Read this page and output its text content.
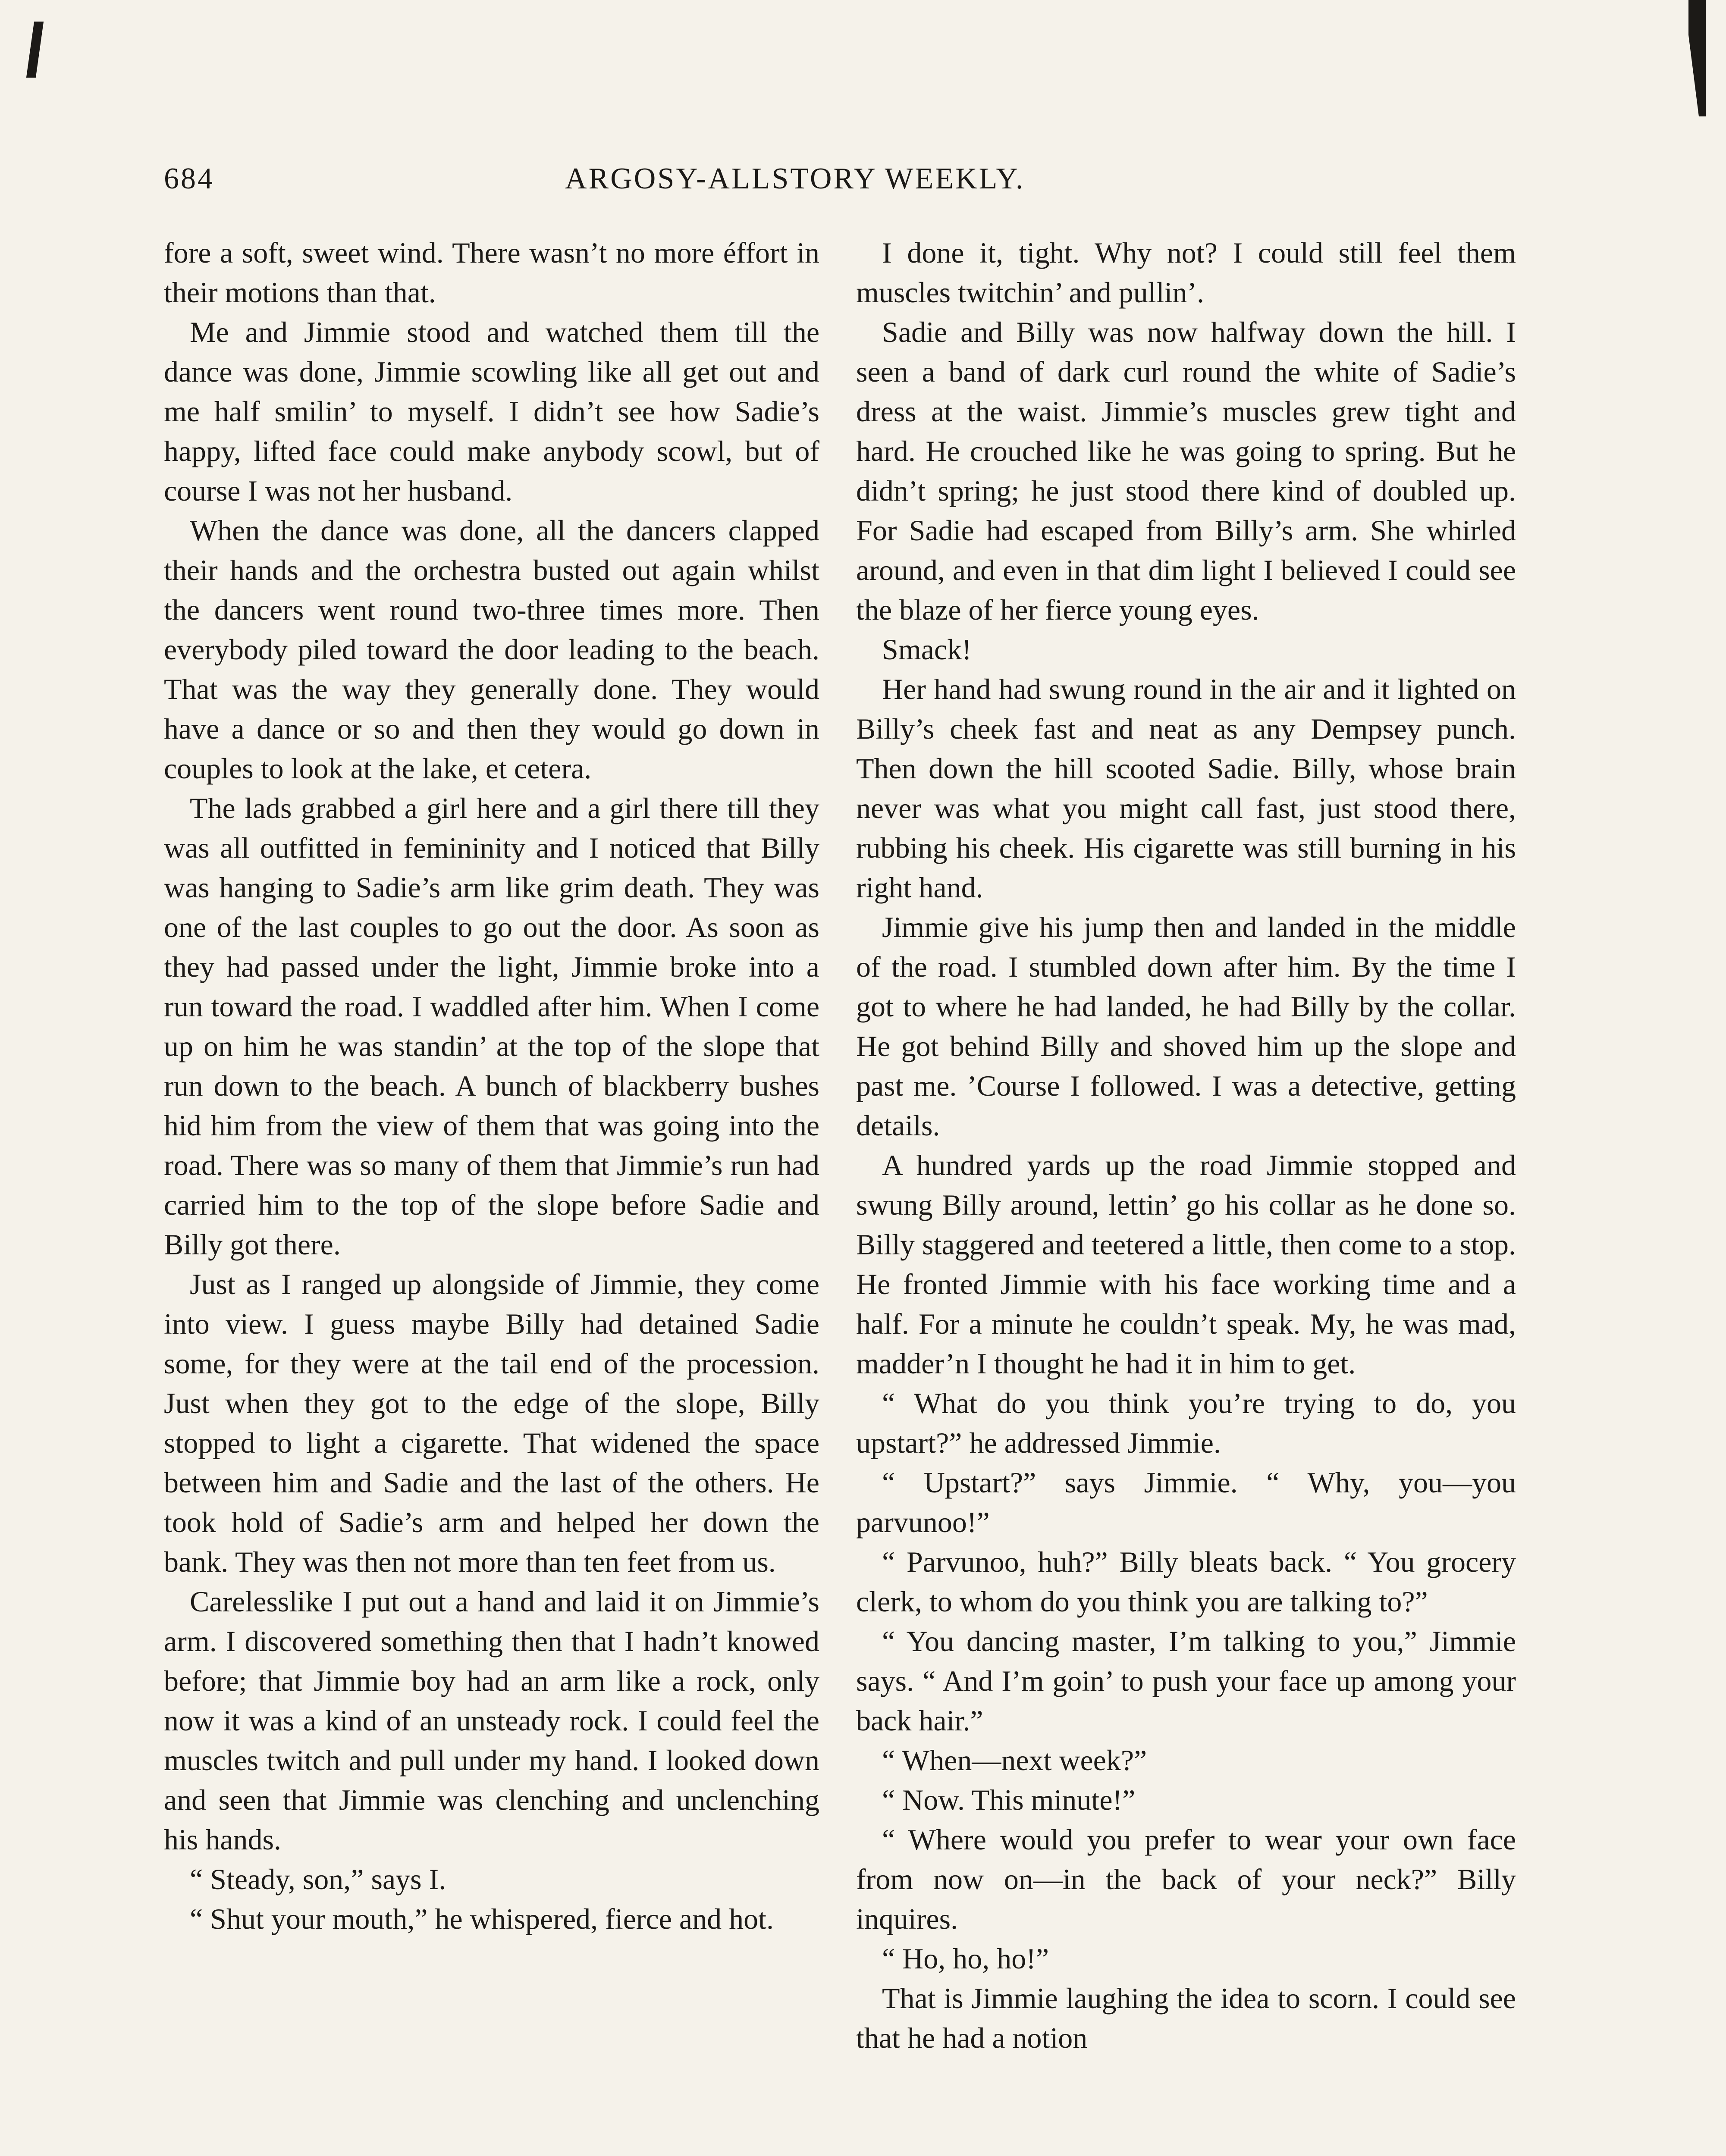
684	ARGOSY-ALLSTORY WEEKLY.

fore a soft, sweet wind. There wasn’t no more éffort in their motions than that.

Me and Jimmie stood and watched them till the dance was done, Jimmie scowling like all get out and me half smilin’ to myself. I didn’t see how Sadie’s happy, lifted face could make anybody scowl, but of course I was not her husband.

When the dance was done, all the dancers clapped their hands and the orchestra busted out again whilst the dancers went round two-three times more. Then everybody piled toward the door leading to the beach. That was the way they generally done. They would have a dance or so and then they would go down in couples to look at the lake, et cetera.

The lads grabbed a girl here and a girl there till they was all outfitted in femininity and I noticed that Billy was hanging to Sadie’s arm like grim death. They was one of the last couples to go out the door. As soon as they had passed under the light, Jimmie broke into a run toward the road. I waddled after him. When I come up on him he was standin’ at the top of the slope that run down to the beach. A bunch of blackberry bushes hid him from the view of them that was going into the road. There was so many of them that Jimmie’s run had carried him to the top of the slope before Sadie and Billy got there.

Just as I ranged up alongside of Jimmie, they come into view. I guess maybe Billy had detained Sadie some, for they were at the tail end of the procession. Just when they got to the edge of the slope, Billy stopped to light a cigarette. That widened the space between him and Sadie and the last of the others. He took hold of Sadie’s arm and helped her down the bank. They was then not more than ten feet from us.

Carelesslike I put out a hand and laid it on Jimmie’s arm. I discovered something then that I hadn’t knowed before; that Jimmie boy had an arm like a rock, only now it was a kind of an unsteady rock. I could feel the muscles twitch and pull under my hand. I looked down and seen that Jimmie was clenching and unclenching his hands.

“ Steady, son,” says I.

“ Shut your mouth,” he whispered, fierce and hot.

I done it, tight. Why not? I could still feel them muscles twitchin’ and pullin’.

Sadie and Billy was now halfway down the hill. I seen a band of dark curl round the white of Sadie’s dress at the waist. Jimmie’s muscles grew tight and hard. He crouched like he was going to spring. But he didn’t spring; he just stood there kind of doubled up. For Sadie had escaped from Billy’s arm. She whirled around, and even in that dim light I believed I could see the blaze of her fierce young eyes.

Smack!

Her hand had swung round in the air and it lighted on Billy’s cheek fast and neat as any Dempsey punch. Then down the hill scooted Sadie. Billy, whose brain never was what you might call fast, just stood there, rubbing his cheek. His cigarette was still burning in his right hand.

Jimmie give his jump then and landed in the middle of the road. I stumbled down after him. By the time I got to where he had landed, he had Billy by the collar. He got behind Billy and shoved him up the slope and past me. ’Course I followed. I was a detective, getting details.

A hundred yards up the road Jimmie stopped and swung Billy around, lettin’ go his collar as he done so. Billy staggered and teetered a little, then come to a stop. He fronted Jimmie with his face working time and a half. For a minute he couldn’t speak. My, he was mad, madder’n I thought he had it in him to get.

“ What do you think you’re trying to do, you upstart?” he addressed Jimmie.

“ Upstart?” says Jimmie. “ Why, you—you parvunoo!”

“ Parvunoo, huh?” Billy bleats back. “ You grocery clerk, to whom do you think you are talking to?”

“ You dancing master, I’m talking to you,” Jimmie says. “ And I’m goin’ to push your face up among your back hair.”

“ When—next week?”

“ Now. This minute!”

“ Where would you prefer to wear your own face from now on—in the back of your neck?” Billy inquires.

“ Ho, ho, ho!”

That is Jimmie laughing the idea to scorn. I could see that he had a notion
